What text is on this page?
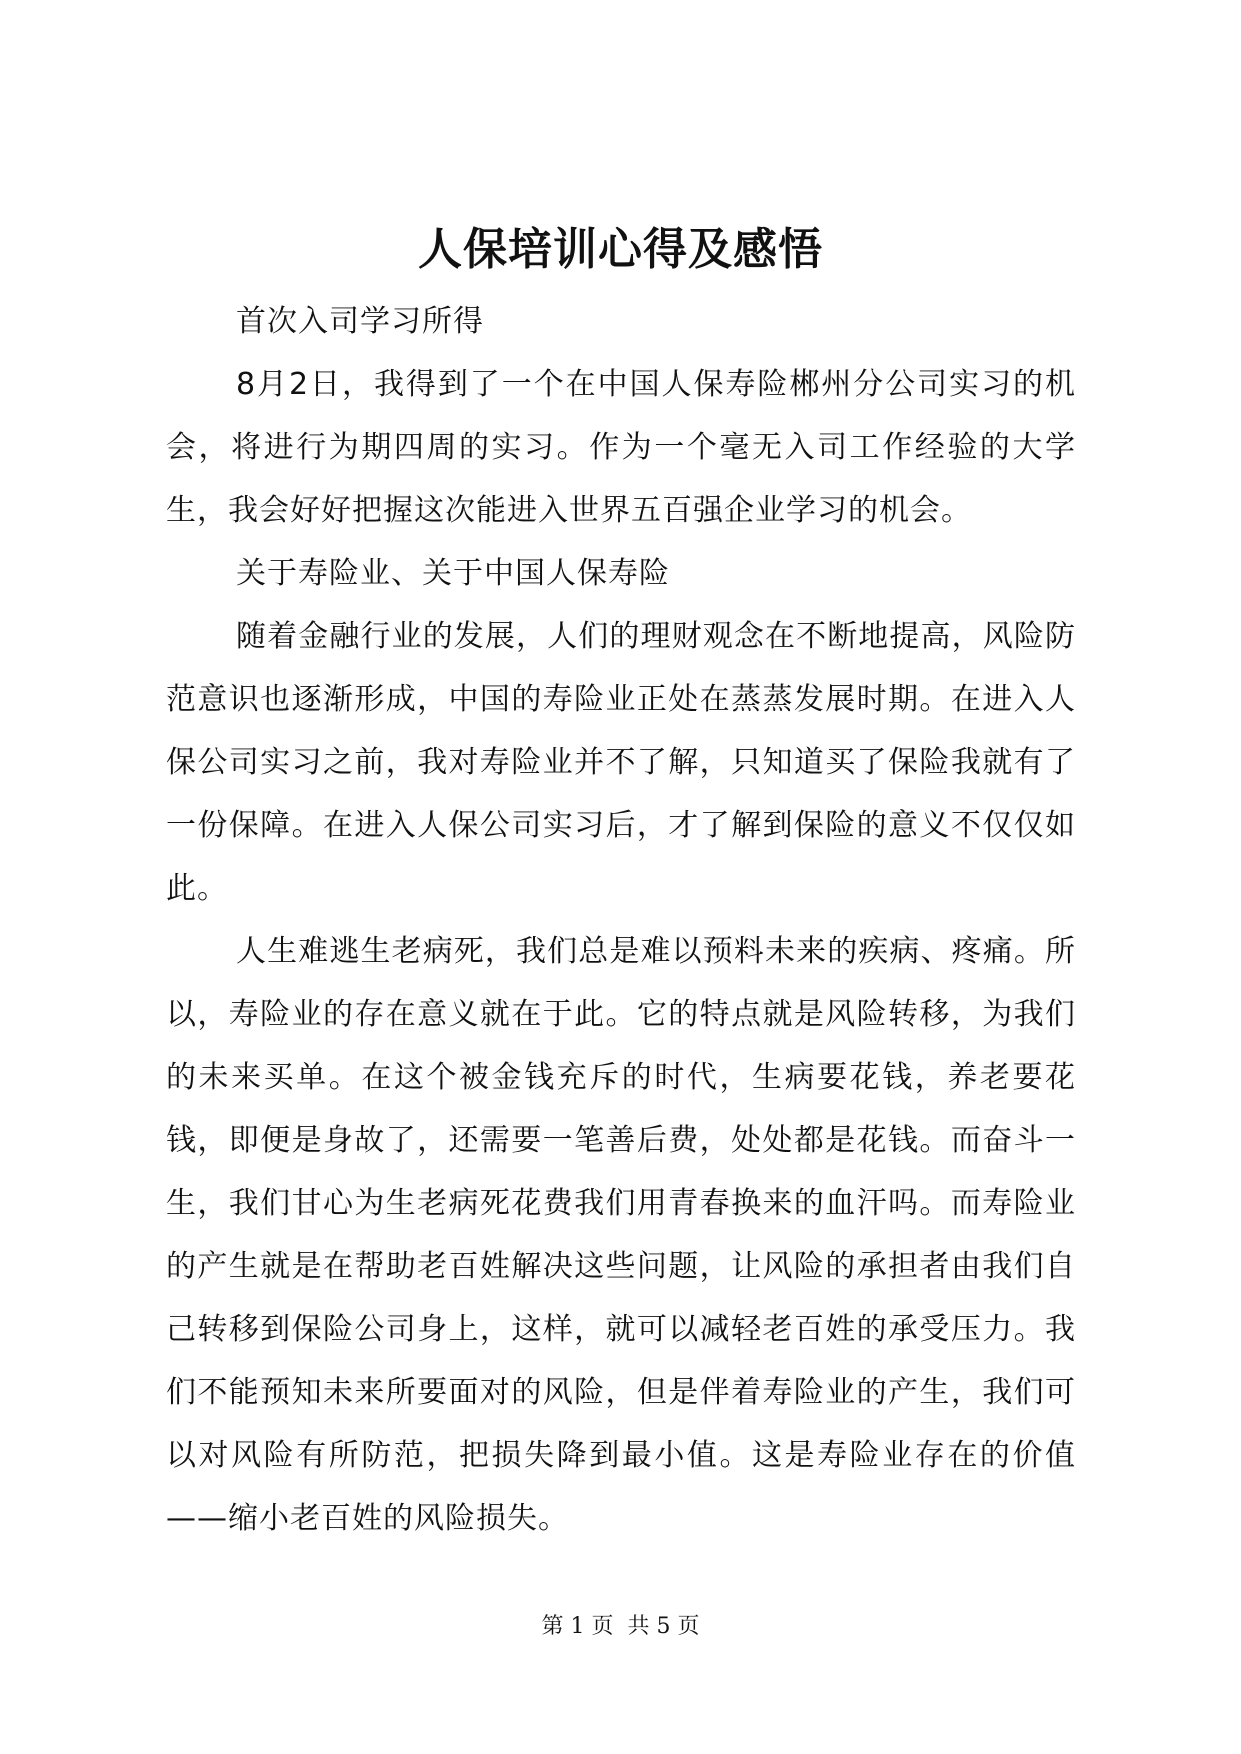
人保培训心得及感悟

首次入司学习所得

8月2日，我得到了一个在中国人保寿险郴州分公司实习的机会，将进行为期四周的实习。作为一个毫无入司工作经验的大学生，我会好好把握这次能进入世界五百强企业学习的机会。

关于寿险业、关于中国人保寿险

随着金融行业的发展，人们的理财观念在不断地提高，风险防范意识也逐渐形成，中国的寿险业正处在蒸蒸发展时期。在进入人保公司实习之前，我对寿险业并不了解，只知道买了保险我就有了一份保障。在进入人保公司实习后，才了解到保险的意义不仅仅如此。

人生难逃生老病死，我们总是难以预料未来的疾病、疼痛。所以，寿险业的存在意义就在于此。它的特点就是风险转移，为我们的未来买单。在这个被金钱充斥的时代，生病要花钱，养老要花钱，即便是身故了，还需要一笔善后费，处处都是花钱。而奋斗一生，我们甘心为生老病死花费我们用青春换来的血汗吗。而寿险业的产生就是在帮助老百姓解决这些问题，让风险的承担者由我们自己转移到保险公司身上，这样，就可以减轻老百姓的承受压力。我们不能预知未来所要面对的风险，但是伴着寿险业的产生，我们可以对风险有所防范，把损失降到最小值。这是寿险业存在的价值——缩小老百姓的风险损失。

第 1 页  共 5 页
